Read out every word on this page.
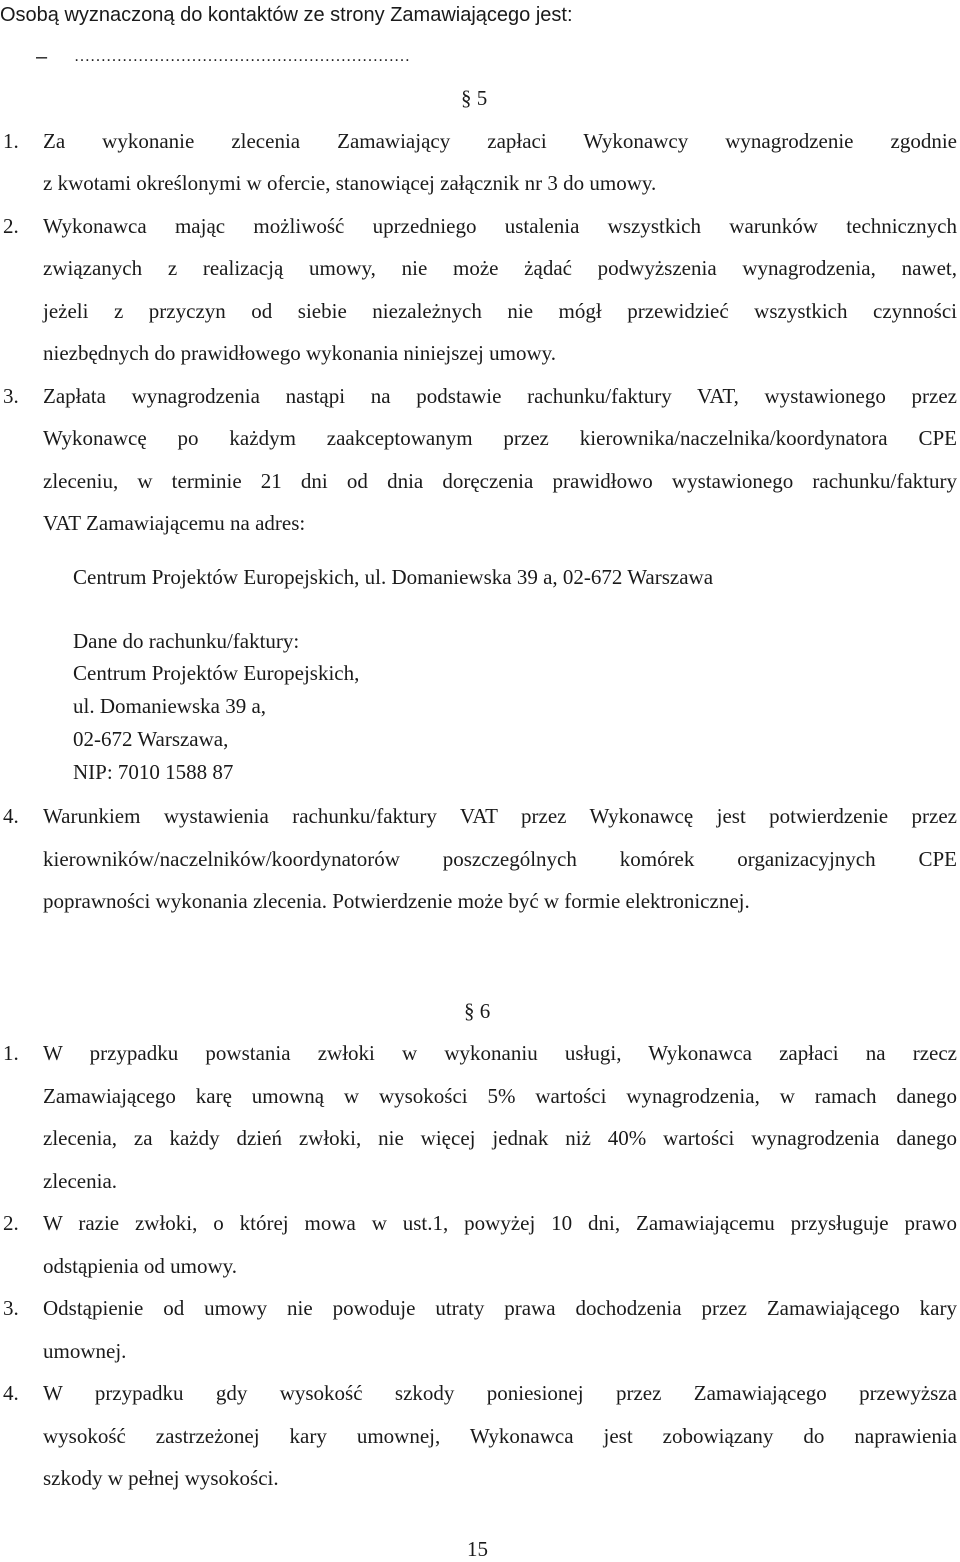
Osobą wyznaczoną do kontaktów ze strony Zamawiającego jest:
– ………………………………………………………
§ 5
1. Za wykonanie zlecenia Zamawiający zapłaci Wykonawcy wynagrodzenie zgodnie
z kwotami określonymi w ofercie, stanowiącej załącznik nr 3 do umowy.
2. Wykonawca mając możliwość uprzedniego ustalenia wszystkich warunków technicznych
związanych z realizacją umowy, nie może żądać podwyższenia wynagrodzenia, nawet,
jeżeli z przyczyn od siebie niezależnych nie mógł przewidzieć wszystkich czynności
niezbędnych do prawidłowego wykonania niniejszej umowy.
3. Zapłata wynagrodzenia nastąpi na podstawie rachunku/faktury VAT, wystawionego przez
Wykonawcę po każdym zaakceptowanym przez kierownika/naczelnika/koordynatora CPE
zleceniu, w terminie 21 dni od dnia doręczenia prawidłowo wystawionego rachunku/faktury
VAT Zamawiającemu na adres:
Centrum Projektów Europejskich, ul. Domaniewska 39 a, 02-672 Warszawa
Dane do rachunku/faktury:
Centrum Projektów Europejskich,
ul. Domaniewska 39 a,
02-672 Warszawa,
NIP: 7010 1588 87
4. Warunkiem wystawienia rachunku/faktury VAT przez Wykonawcę jest potwierdzenie przez
kierowników/naczelników/koordynatorów poszczególnych komórek organizacyjnych CPE
poprawności wykonania zlecenia. Potwierdzenie może być w formie elektronicznej.
§ 6
1. W przypadku powstania zwłoki w wykonaniu usługi, Wykonawca zapłaci na rzecz
Zamawiającego karę umowną w wysokości 5% wartości wynagrodzenia, w ramach danego
zlecenia, za każdy dzień zwłoki, nie więcej jednak niż 40% wartości wynagrodzenia danego
zlecenia.
2. W razie zwłoki, o której mowa w ust.1, powyżej 10 dni, Zamawiającemu przysługuje prawo
odstąpienia od umowy.
3. Odstąpienie od umowy nie powoduje utraty prawa dochodzenia przez Zamawiającego kary
umownej.
4. W przypadku gdy wysokość szkody poniesionej przez Zamawiającego przewyższa
wysokość zastrzeżonej kary umownej, Wykonawca jest zobowiązany do naprawienia
szkody w pełnej wysokości.
15
